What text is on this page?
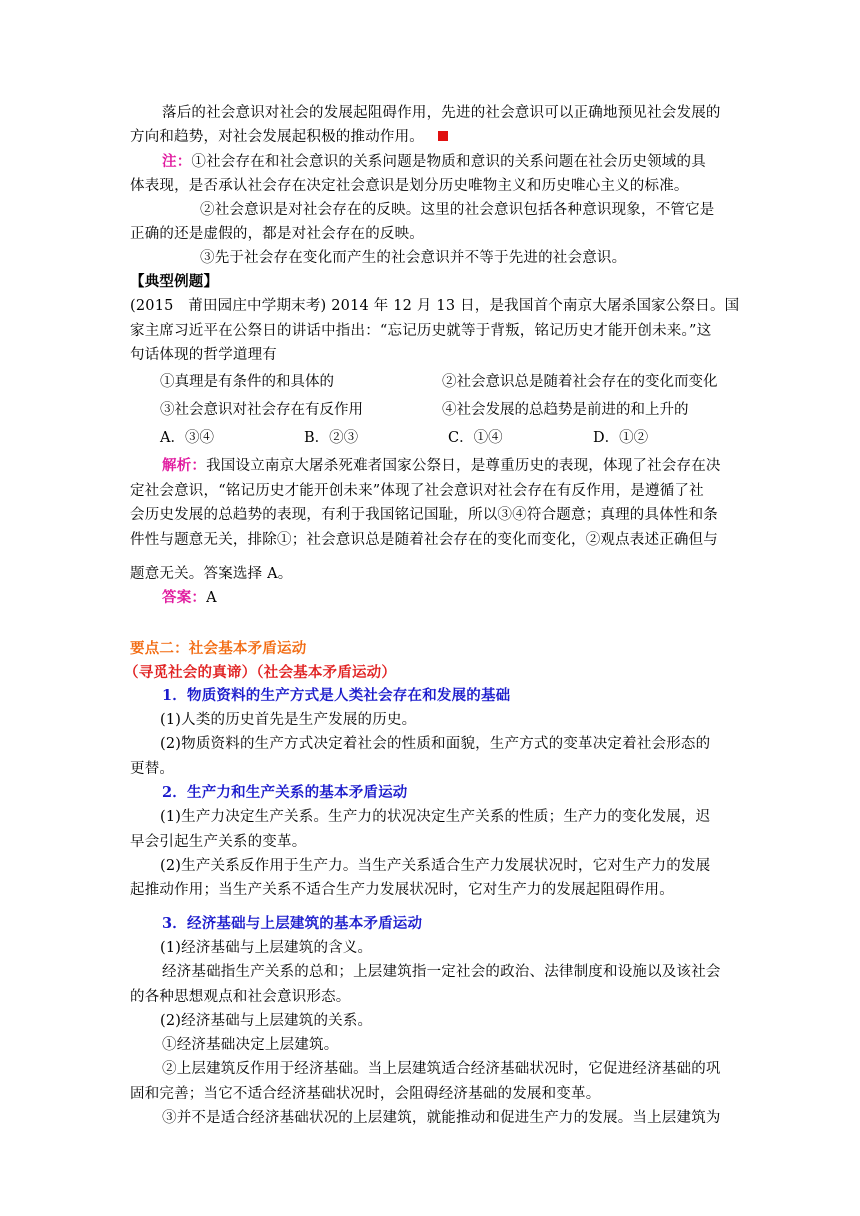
落后的社会意识对社会的发展起阻碍作用，先进的社会意识可以正确地预见社会发展的
方向和趋势，对社会发展起积极的推动作用。
注：①社会存在和社会意识的关系问题是物质和意识的关系问题在社会历史领域的具
体表现，是否承认社会存在决定社会意识是划分历史唯物主义和历史唯心主义的标准。
②社会意识是对社会存在的反映。这里的社会意识包括各种意识现象，不管它是
正确的还是虚假的，都是对社会存在的反映。
③先于社会存在变化而产生的社会意识并不等于先进的社会意识。
【典型例题】
(2015　莆田园庄中学期末考) 2014 年 12 月 13 日，是我国首个南京大屠杀国家公祭日。国
家主席习近平在公祭日的讲话中指出：“忘记历史就等于背叛，铭记历史才能开创未来。”这
句话体现的哲学道理有
①真理是有条件的和具体的	②社会意识总是随着社会存在的变化而变化
③社会意识对社会存在有反作用	④社会发展的总趋势是前进的和上升的
A．③④	B．②③	C．①④	D．①②
解析：我国设立南京大屠杀死难者国家公祭日，是尊重历史的表现，体现了社会存在决
定社会意识，“铭记历史才能开创未来”体现了社会意识对社会存在有反作用，是遵循了社
会历史发展的总趋势的表现，有利于我国铭记国耻，所以③④符合题意；真理的具体性和条
件性与题意无关，排除①；社会意识总是随着社会存在的变化而变化，②观点表述正确但与
题意无关。答案选择 A。
答案：A
要点二：社会基本矛盾运动
（寻觅社会的真谛）（社会基本矛盾运动）
1．物质资料的生产方式是人类社会存在和发展的基础
(1)人类的历史首先是生产发展的历史。
(2)物质资料的生产方式决定着社会的性质和面貌，生产方式的变革决定着社会形态的
更替。
2．生产力和生产关系的基本矛盾运动
(1)生产力决定生产关系。生产力的状况决定生产关系的性质；生产力的变化发展，迟
早会引起生产关系的变革。
(2)生产关系反作用于生产力。当生产关系适合生产力发展状况时，它对生产力的发展
起推动作用；当生产关系不适合生产力发展状况时，它对生产力的发展起阻碍作用。
3．经济基础与上层建筑的基本矛盾运动
(1)经济基础与上层建筑的含义。
经济基础指生产关系的总和；上层建筑指一定社会的政治、法律制度和设施以及该社会
的各种思想观点和社会意识形态。
(2)经济基础与上层建筑的关系。
①经济基础决定上层建筑。
②上层建筑反作用于经济基础。当上层建筑适合经济基础状况时，它促进经济基础的巩
固和完善；当它不适合经济基础状况时，会阻碍经济基础的发展和变革。
③并不是适合经济基础状况的上层建筑，就能推动和促进生产力的发展。当上层建筑为
